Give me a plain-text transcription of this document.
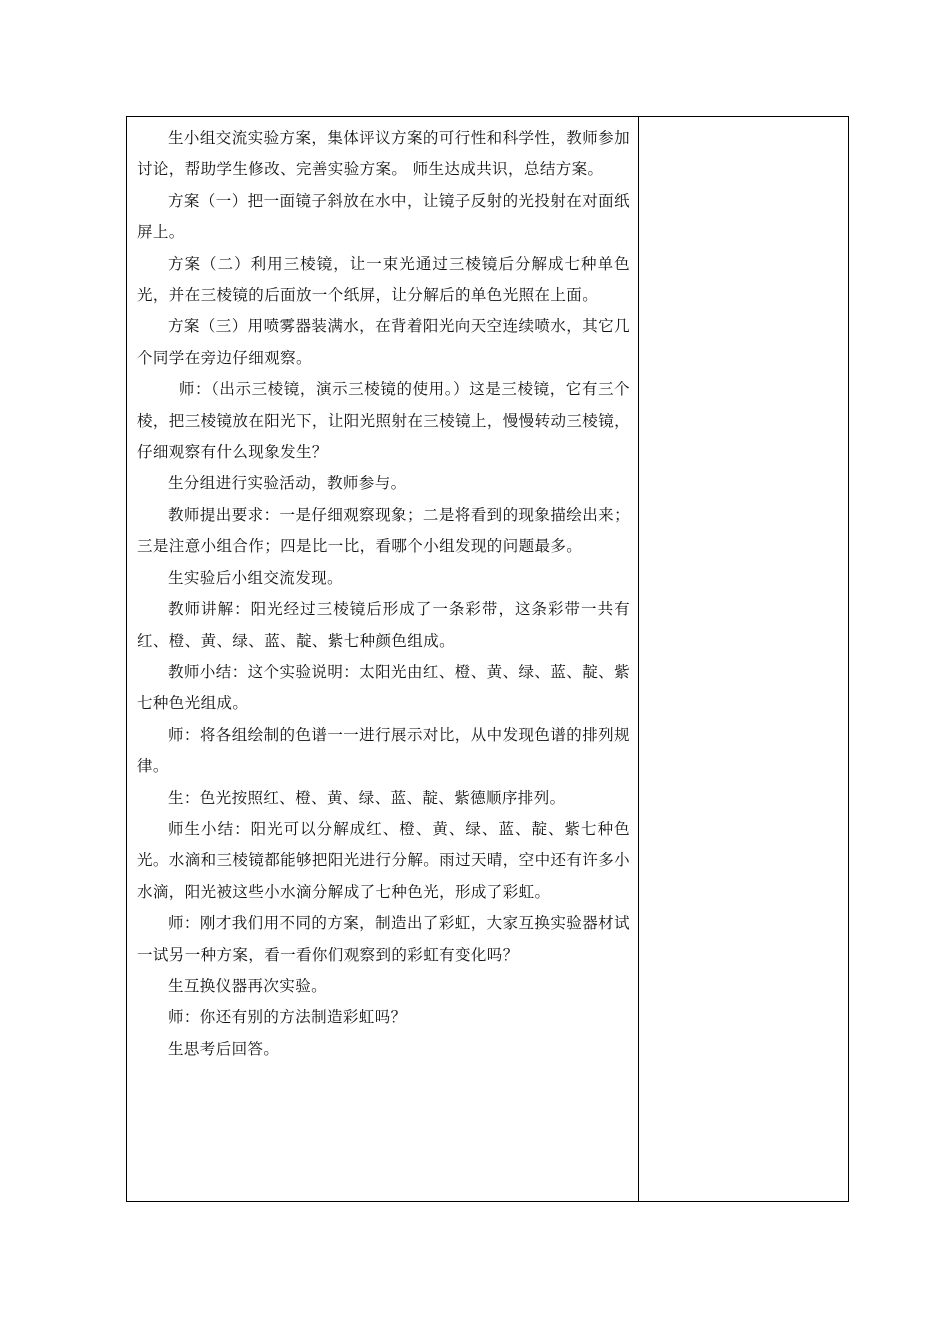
生小组交流实验方案，集体评议方案的可行性和科学性，教师参加讨论，帮助学生修改、完善实验方案。 师生达成共识，总结方案。

方案（一）把一面镜子斜放在水中，让镜子反射的光投射在对面纸屏上。

方案（二）利用三棱镜，让一束光通过三棱镜后分解成七种单色光，并在三棱镜的后面放一个纸屏，让分解后的单色光照在上面。

方案（三）用喷雾器装满水，在背着阳光向天空连续喷水，其它几个同学在旁边仔细观察。

师：（出示三棱镜，演示三棱镜的使用。）这是三棱镜，它有三个棱，把三棱镜放在阳光下，让阳光照射在三棱镜上，慢慢转动三棱镜，仔细观察有什么现象发生？

生分组进行实验活动，教师参与。

教师提出要求：一是仔细观察现象；二是将看到的现象描绘出来；三是注意小组合作；四是比一比，看哪个小组发现的问题最多。

生实验后小组交流发现。

教师讲解：阳光经过三棱镜后形成了一条彩带，这条彩带一共有红、橙、黄、绿、蓝、靛、紫七种颜色组成。

教师小结：这个实验说明：太阳光由红、橙、黄、绿、蓝、靛、紫七种色光组成。

师：将各组绘制的色谱一一进行展示对比，从中发现色谱的排列规律。

生：色光按照红、橙、黄、绿、蓝、靛、紫德顺序排列。

师生小结：阳光可以分解成红、橙、黄、绿、蓝、靛、紫七种色光。水滴和三棱镜都能够把阳光进行分解。雨过天晴，空中还有许多小水滴，阳光被这些小水滴分解成了七种色光，形成了彩虹。

师：刚才我们用不同的方案，制造出了彩虹，大家互换实验器材试一试另一种方案，看一看你们观察到的彩虹有变化吗？

生互换仪器再次实验。

师：你还有别的方法制造彩虹吗？

生思考后回答。
